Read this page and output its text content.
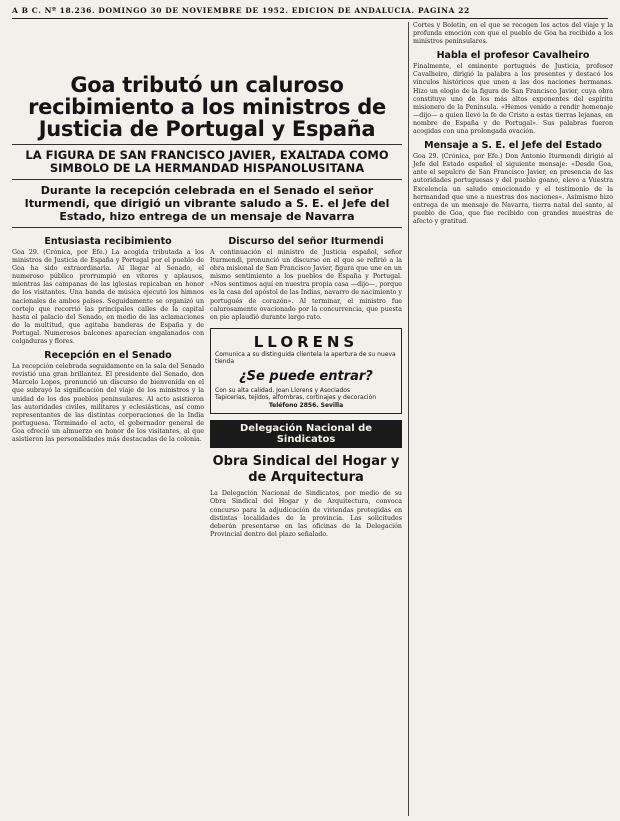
A B C. Nº 18.236. DOMINGO 30 DE NOVIEMBRE DE 1952. EDICION DE ANDALUCIA. PAGINA 22
Goa tributó un caluroso recibimiento a los ministros de Justicia de Portugal y España
LA FIGURA DE SAN FRANCISCO JAVIER, EXALTADA COMO SIMBOLO DE LA HERMANDAD HISPANOLUSITANA
Durante la recepción celebrada en el Senado el señor Iturmendi, que dirigió un vibrante saludo a S. E. el Jefe del Estado, hizo entrega de un mensaje de Navarra
Entusiasta recibimiento

Goa 29. (Crónica, por Efe.) La acogida tributada a los ministros de Justicia de España y Portugal por el pueblo de Goa ha sido extraordinaria. Al llegar al Senado, el numeroso público prorrumpió en vítores y aplausos, mientras las campanas de las iglesias repicaban en honor de los visitantes. Una banda de música ejecutó los himnos nacionales de ambos países. Seguidamente se organizó un cortejo que recorrió las principales calles de la capital hasta el palacio del Senado, en medio de las aclamaciones de la multitud, que agitaba banderas de España y de Portugal. Numerosos balcones aparecían engalanados con colgaduras y flores.

Recepción en el Senado

La recepción celebrada seguidamente en la sala del Senado revistió una gran brillantez. El presidente del Senado, don Marcelo Lopes, pronunció un discurso de bienvenida en el que subrayó la significación del viaje de los ministros y la unidad de los dos pueblos peninsulares. Al acto asistieron las autoridades civiles, militares y eclesiásticas, así como representantes de las distintas corporaciones de la India portuguesa. Terminado el acto, el gobernador general de Goa ofreció un almuerzo en honor de los visitantes, al que asistieron las personalidades más destacadas de la colonia.

Discurso del señor Iturmendi

A continuación el ministro de Justicia español, señor Iturmendi, pronunció un discurso en el que se refirió a la obra misional de San Francisco Javier, figura que une en un mismo sentimiento a los pueblos de España y Portugal. «Nos sentimos aquí en nuestra propia casa —dijo—, porque es la casa del apóstol de las Indias, navarro de nacimiento y portugués de corazón». Al terminar, el ministro fue calurosamente ovacionado por la concurrencia, que puesta en pie aplaudió durante largo rato.

LLORENS
Comunica a su distinguida clientela la apertura de su nueva tienda
¿Se puede entrar?
Con su alta calidad, Joan Llorens y Asociados
Tapicerías, tejidos, alfombras, cortinajes y decoración
Teléfono 2856. Sevilla
Delegación Nacional de Sindicatos
Obra Sindical del Hogar y de Arquitectura

La Delegación Nacional de Sindicatos, por medio de su Obra Sindical del Hogar y de Arquitectura, convoca concurso para la adjudicación de viviendas protegidas en distintas localidades de la provincia. Las solicitudes deberán presentarse en las oficinas de la Delegación Provincial dentro del plazo señalado.

Cortes y Boletín, en el que se recogen los actos del viaje y la profunda emoción con que el pueblo de Goa ha recibido a los ministros peninsulares.

Habla el profesor Cavalheiro

Finalmente, el eminente portugués de Justicia, profesor Cavalheiro, dirigió la palabra a los presentes y destacó los vínculos históricos que unen a las dos naciones hermanas. Hizo un elogio de la figura de San Francisco Javier, cuya obra constituye uno de los más altos exponentes del espíritu misionero de la Península. «Hemos venido a rendir homenaje —dijo— a quien llevó la fe de Cristo a estas tierras lejanas, en nombre de España y de Portugal». Sus palabras fueron acogidas con una prolongada ovación.

Mensaje a S. E. el Jefe del Estado

Goa 29. (Crónica, por Efe.) Don Antonio Iturmendi dirigió al Jefe del Estado español el siguiente mensaje: «Desde Goa, ante el sepulcro de San Francisco Javier, en presencia de las autoridades portuguesas y del pueblo goano, elevo a Vuestra Excelencia un saludo emocionado y el testimonio de la hermandad que une a nuestras dos naciones». Asimismo hizo entrega de un mensaje de Navarra, tierra natal del santo, al pueblo de Goa, que fue recibido con grandes muestras de afecto y gratitud.
